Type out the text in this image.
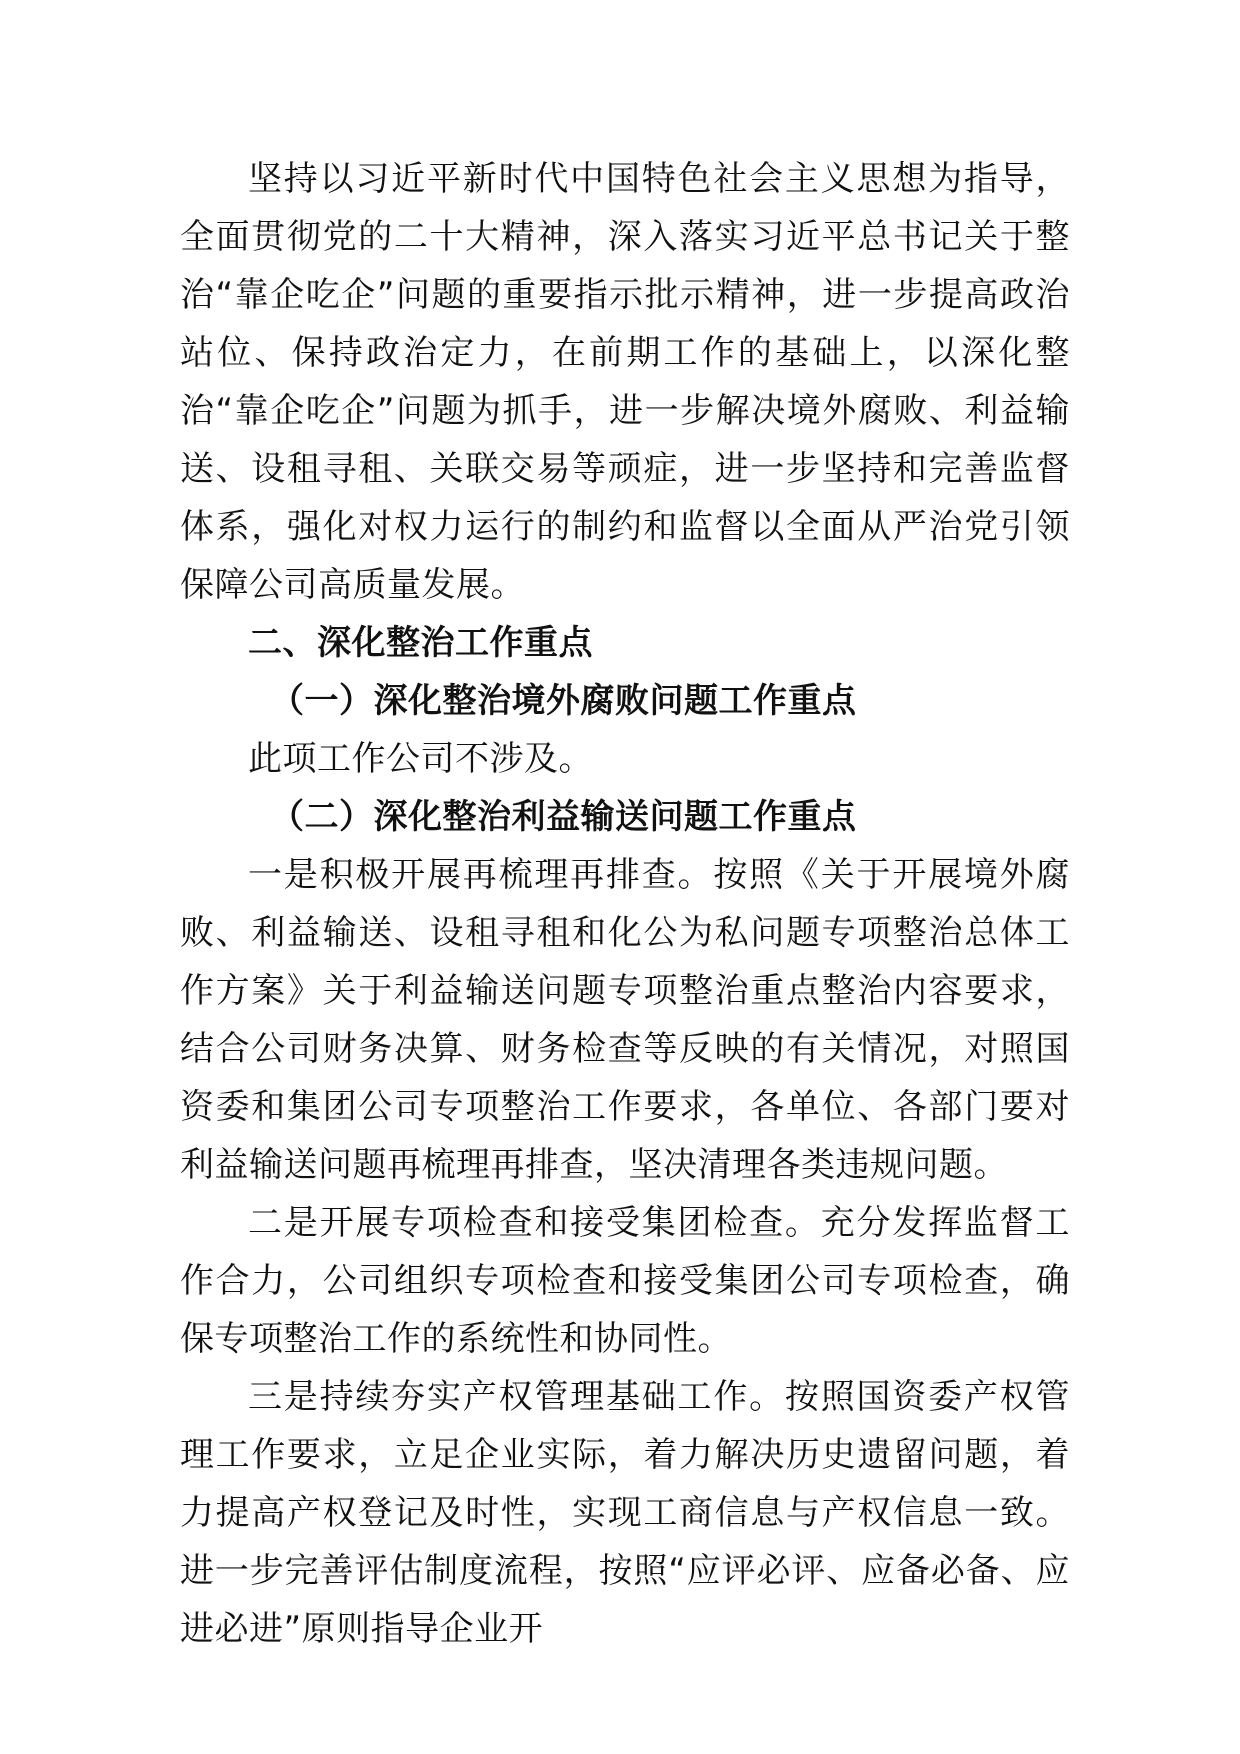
坚持以习近平新时代中国特色社会主义思想为指导，全面贯彻党的二十大精神，深入落实习近平总书记关于整治“靠企吃企”问题的重要指示批示精神，进一步提高政治站位、保持政治定力，在前期工作的基础上，以深化整治“靠企吃企”问题为抓手，进一步解决境外腐败、利益输送、设租寻租、关联交易等顽症，进一步坚持和完善监督体系，强化对权力运行的制约和监督以全面从严治党引领保障公司高质量发展。

二、深化整治工作重点

（一）深化整治境外腐败问题工作重点

此项工作公司不涉及。

（二）深化整治利益输送问题工作重点

一是积极开展再梳理再排查。按照《关于开展境外腐败、利益输送、设租寻租和化公为私问题专项整治总体工作方案》关于利益输送问题专项整治重点整治内容要求，结合公司财务决算、财务检查等反映的有关情况，对照国资委和集团公司专项整治工作要求，各单位、各部门要对利益输送问题再梳理再排查，坚决清理各类违规问题。

二是开展专项检查和接受集团检查。充分发挥监督工作合力，公司组织专项检查和接受集团公司专项检查，确保专项整治工作的系统性和协同性。

三是持续夯实产权管理基础工作。按照国资委产权管理工作要求，立足企业实际，着力解决历史遗留问题，着力提高产权登记及时性，实现工商信息与产权信息一致。进一步完善评估制度流程，按照“应评必评、应备必备、应进必进”原则指导企业开
